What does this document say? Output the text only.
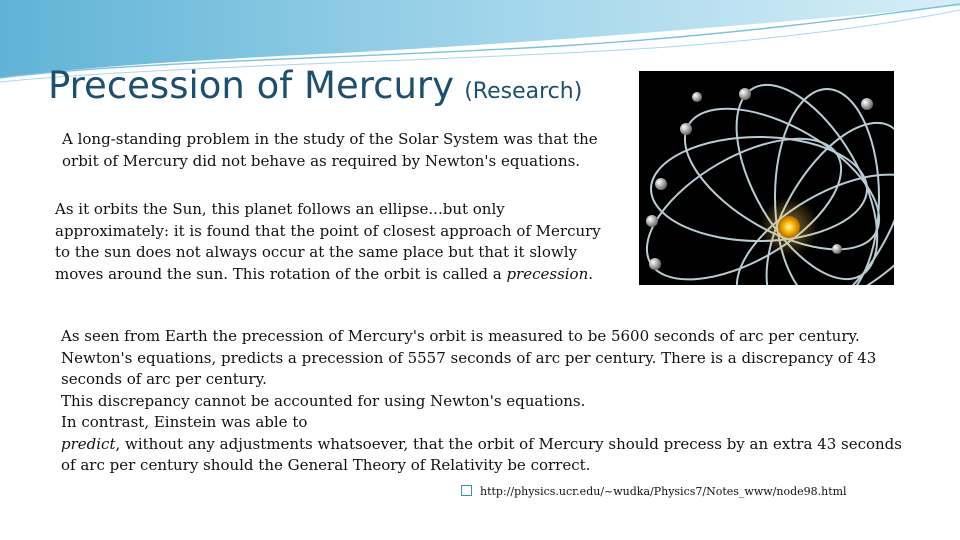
Precession of Mercury (Research)

A long-standing problem in the study of the Solar System was that the orbit of Mercury did not behave as required by Newton's equations.

As it orbits the Sun, this planet follows an ellipse...but only approximately: it is found that the point of closest approach of Mercury to the sun does not always occur at the same place but that it slowly moves around the sun. This rotation of the orbit is called a precession.

As seen from Earth the precession of Mercury's orbit is measured to be 5600 seconds of arc per century. Newton's equations, predicts a precession of 5557 seconds of arc per century. There is a discrepancy of 43 seconds of arc per century.
This discrepancy cannot be accounted for using Newton's equations.
In contrast, Einstein was able to
predict, without any adjustments whatsoever, that the orbit of Mercury should precess by an extra 43 seconds of arc per century should the General Theory of Relativity be correct.
http://physics.ucr.edu/~wudka/Physics7/Notes_www/node98.html
